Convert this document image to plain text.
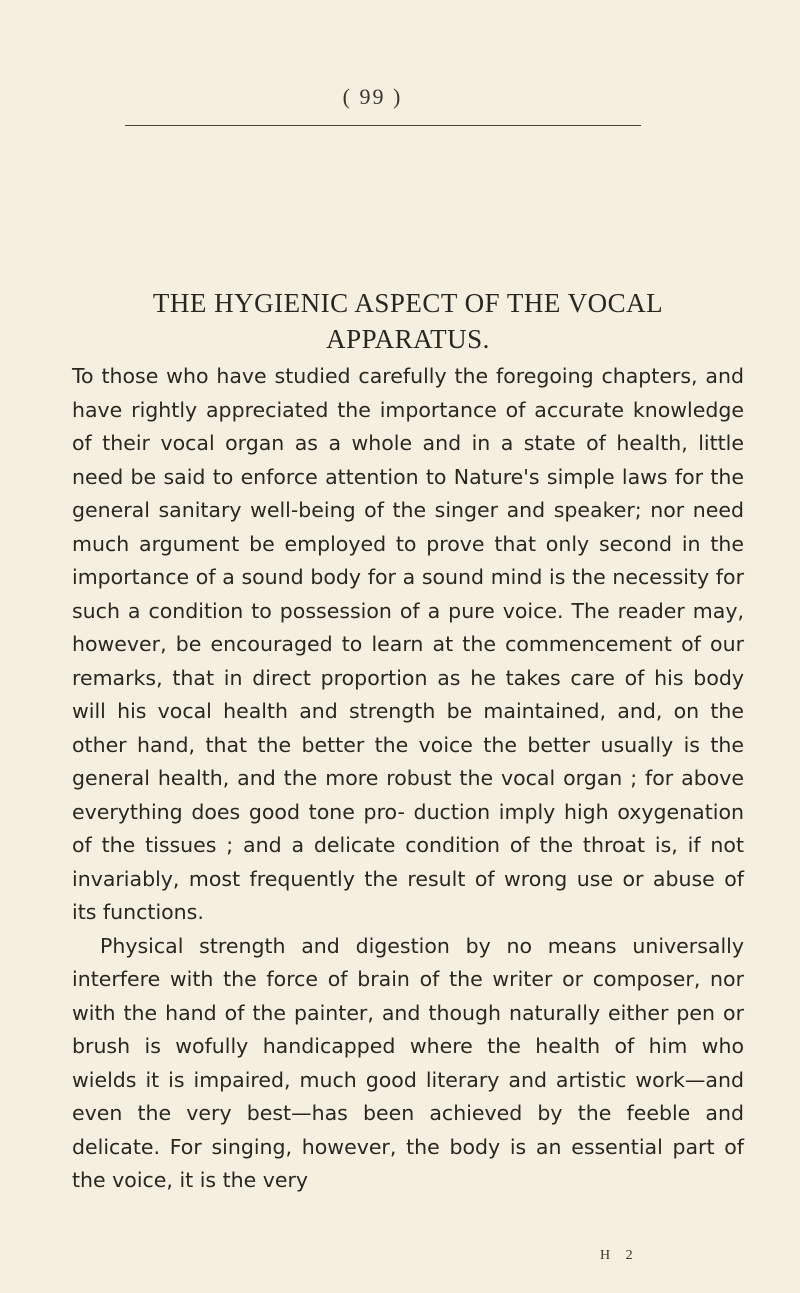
( 99 )
THE HYGIENIC ASPECT OF THE VOCAL APPARATUS.

To those who have studied carefully the foregoing chapters, and have rightly appreciated the importance of accurate knowledge of their vocal organ as a whole and in a state of health, little need be said to enforce attention to Nature's simple laws for the general sanitary well-being of the singer and speaker; nor need much argument be employed to prove that only second in the importance of a sound body for a sound mind is the necessity for such a condition to possession of a pure voice. The reader may, however, be encouraged to learn at the commencement of our remarks, that in direct proportion as he takes care of his body will his vocal health and strength be maintained, and, on the other hand, that the better the voice the better usually is the general health, and the more robust the vocal organ ; for above everything does good tone pro- duction imply high oxygenation of the tissues ; and a delicate condition of the throat is, if not invariably, most frequently the result of wrong use or abuse of its functions.

Physical strength and digestion by no means universally interfere with the force of brain of the writer or composer, nor with the hand of the painter, and though naturally either pen or brush is wofully handicapped where the health of him who wields it is impaired, much good literary and artistic work—and even the very best—has been achieved by the feeble and delicate. For singing, however, the body is an essential part of the voice, it is the very

H 2
